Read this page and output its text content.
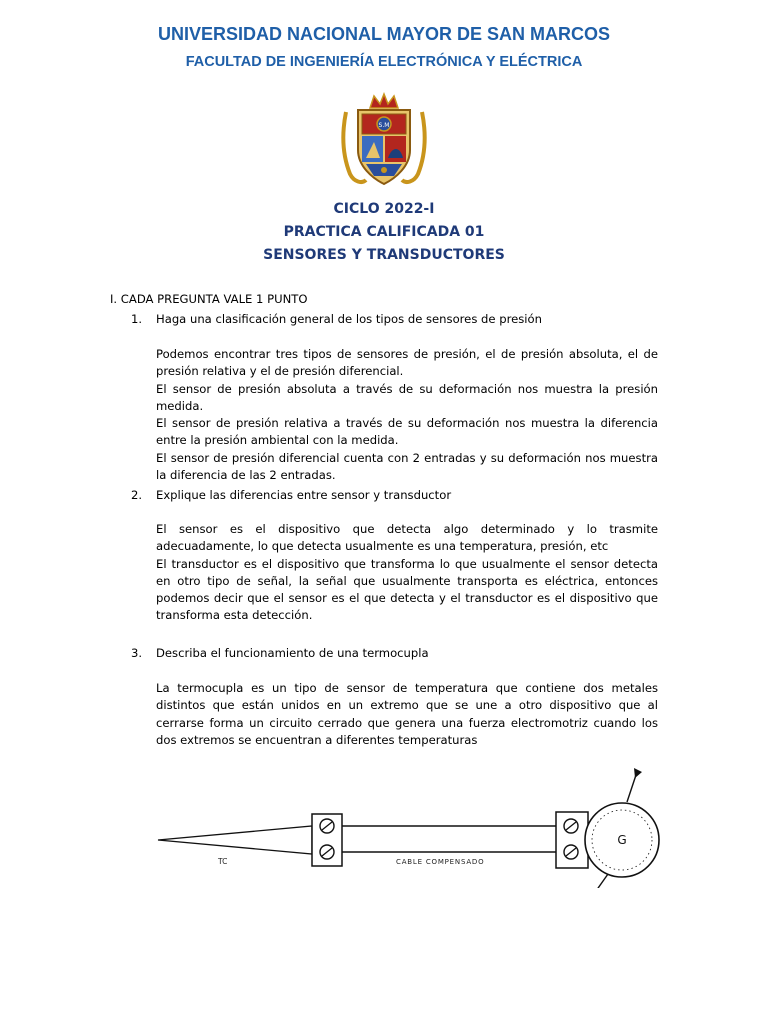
UNIVERSIDAD NACIONAL MAYOR DE SAN MARCOS
FACULTAD DE INGENIERÍA ELECTRÓNICA Y ELÉCTRICA
S.M
CICLO 2022-I
PRACTICA CALIFICADA 01
SENSORES Y TRANSDUCTORES
I. CADA PREGUNTA VALE 1 PUNTO
1.	Haga una clasificación general de los tipos de sensores de presión

Podemos encontrar tres tipos de sensores de presión, el de presión absoluta, el de presión relativa y el de presión diferencial.

El sensor de presión absoluta a través de su deformación nos muestra la presión medida.

El sensor de presión relativa a través de su deformación nos muestra la diferencia entre la presión ambiental con la medida.

El sensor de presión diferencial cuenta con 2 entradas y su deformación nos muestra la diferencia de las 2 entradas.

2.	Explique las diferencias entre sensor y transductor

El sensor es el dispositivo que detecta algo determinado y lo trasmite adecuadamente, lo que detecta usualmente es una temperatura, presión, etc

El transductor es el dispositivo que transforma lo que usualmente el sensor detecta en otro tipo de señal, la señal que usualmente transporta es eléctrica, entonces podemos decir que el sensor es el que detecta y el transductor es el dispositivo que transforma esta detección.

3.	Describa el funcionamiento de una termocupla

La termocupla es un tipo de sensor de temperatura que contiene dos metales distintos que están unidos en un extremo que se une a otro dispositivo que al cerrarse forma un circuito cerrado que genera una fuerza electromotriz cuando los dos extremos se encuentran a diferentes temperaturas

G
TC	CABLE COMPENSADO
